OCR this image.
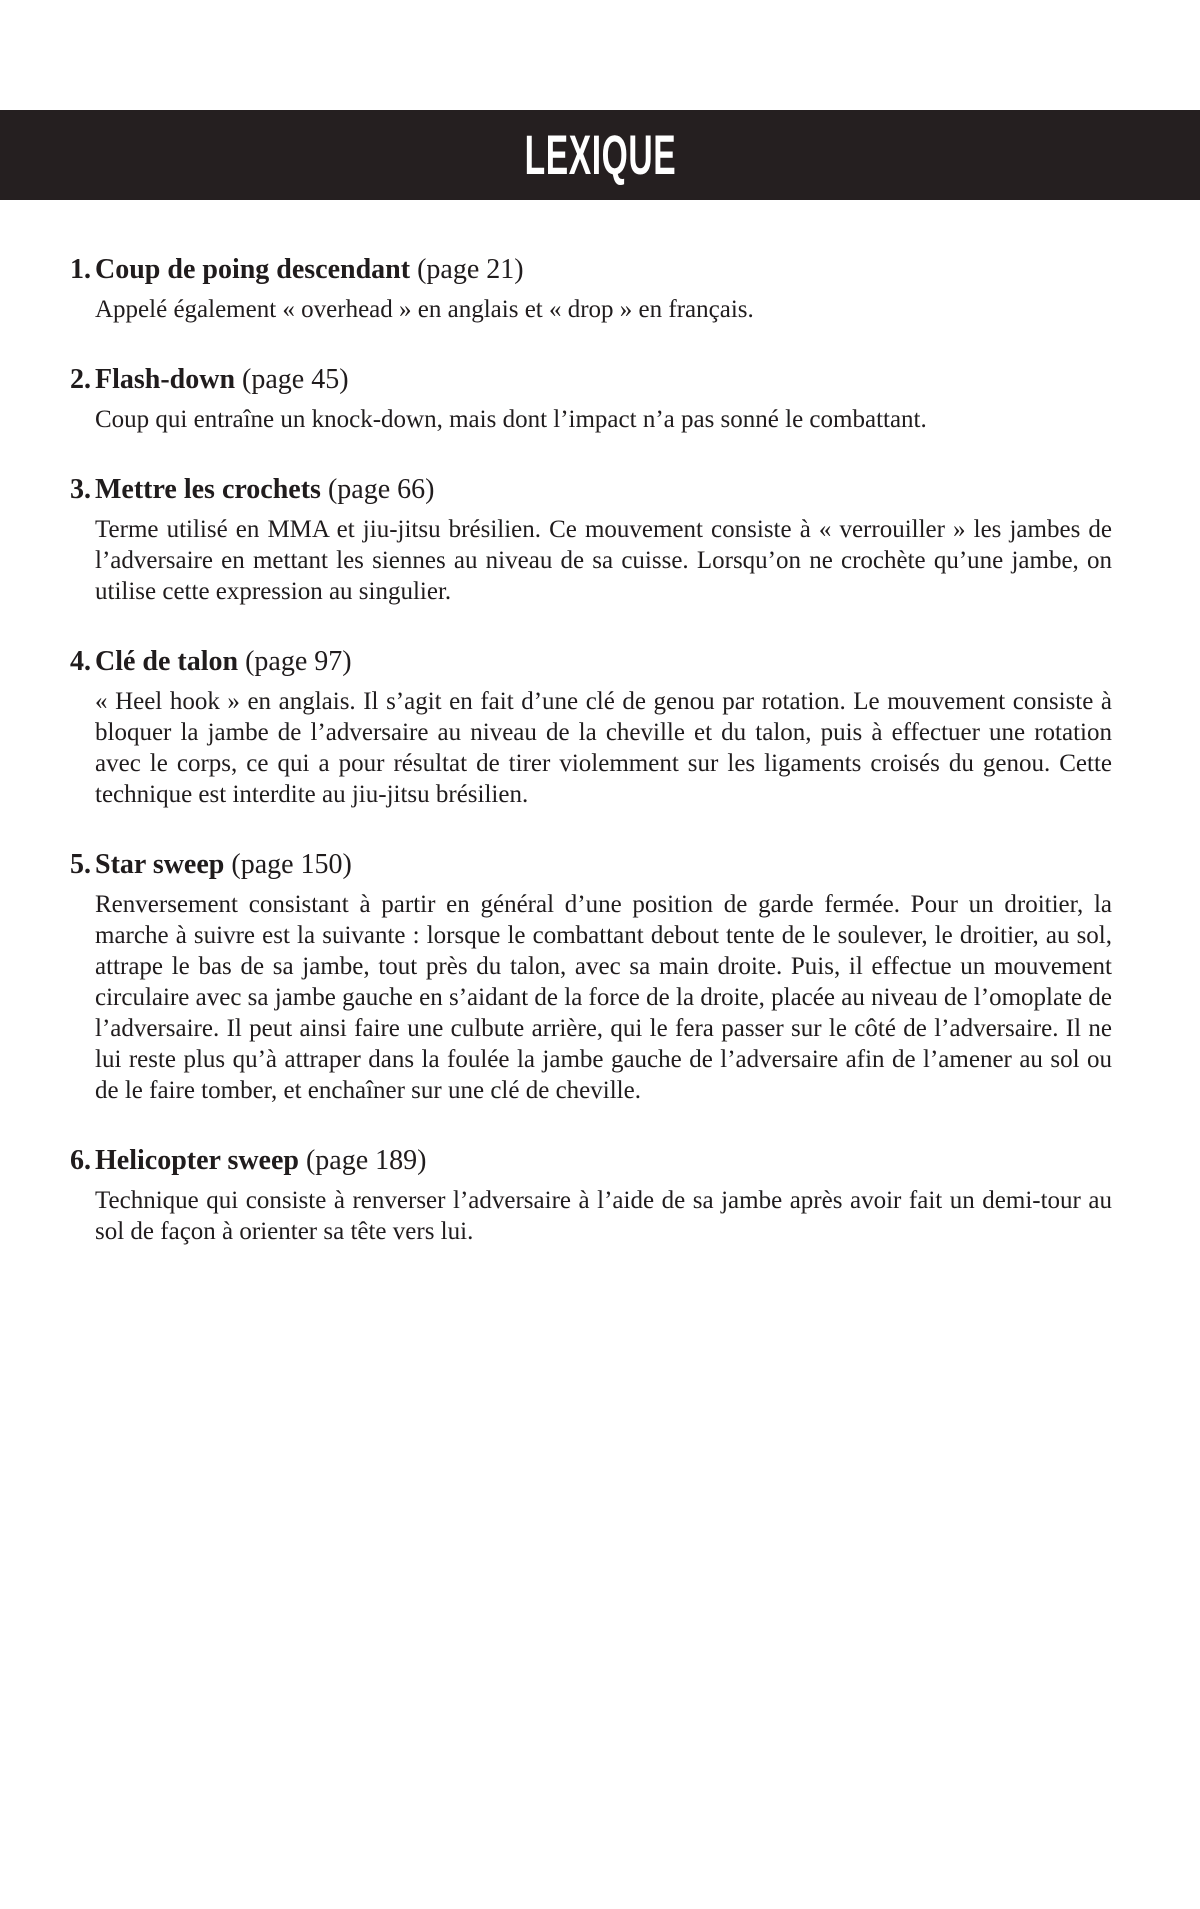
LEXIQUE
1. Coup de poing descendant (page 21)

Appelé également « overhead » en anglais et « drop » en français.

2. Flash-down (page 45)

Coup qui entraîne un knock-down, mais dont l’impact n’a pas sonné le combattant.

3. Mettre les crochets (page 66)

Terme utilisé en MMA et jiu-jitsu brésilien. Ce mouvement consiste à « verrouiller » les jambes de l’adversaire en mettant les siennes au niveau de sa cuisse. Lorsqu’on ne crochète qu’une jambe, on utilise cette expression au singulier.

4. Clé de talon (page 97)

« Heel hook » en anglais. Il s’agit en fait d’une clé de genou par rotation. Le mouvement consiste à bloquer la jambe de l’adversaire au niveau de la cheville et du talon, puis à effectuer une rotation avec le corps, ce qui a pour résultat de tirer violemment sur les ligaments croisés du genou. Cette technique est interdite au jiu-jitsu brésilien.

5. Star sweep (page 150)

Renversement consistant à partir en général d’une position de garde fermée. Pour un droitier, la marche à suivre est la suivante : lorsque le combattant debout tente de le soulever, le droitier, au sol, attrape le bas de sa jambe, tout près du talon, avec sa main droite. Puis, il effectue un mouvement circulaire avec sa jambe gauche en s’aidant de la force de la droite, placée au niveau de l’omoplate de l’adversaire. Il peut ainsi faire une culbute arrière, qui le fera passer sur le côté de l’adversaire. Il ne lui reste plus qu’à attraper dans la foulée la jambe gauche de l’adversaire afin de l’amener au sol ou de le faire tomber, et enchaîner sur une clé de cheville.

6. Helicopter sweep (page 189)

Technique qui consiste à renverser l’adversaire à l’aide de sa jambe après avoir fait un demi-tour au sol de façon à orienter sa tête vers lui.
